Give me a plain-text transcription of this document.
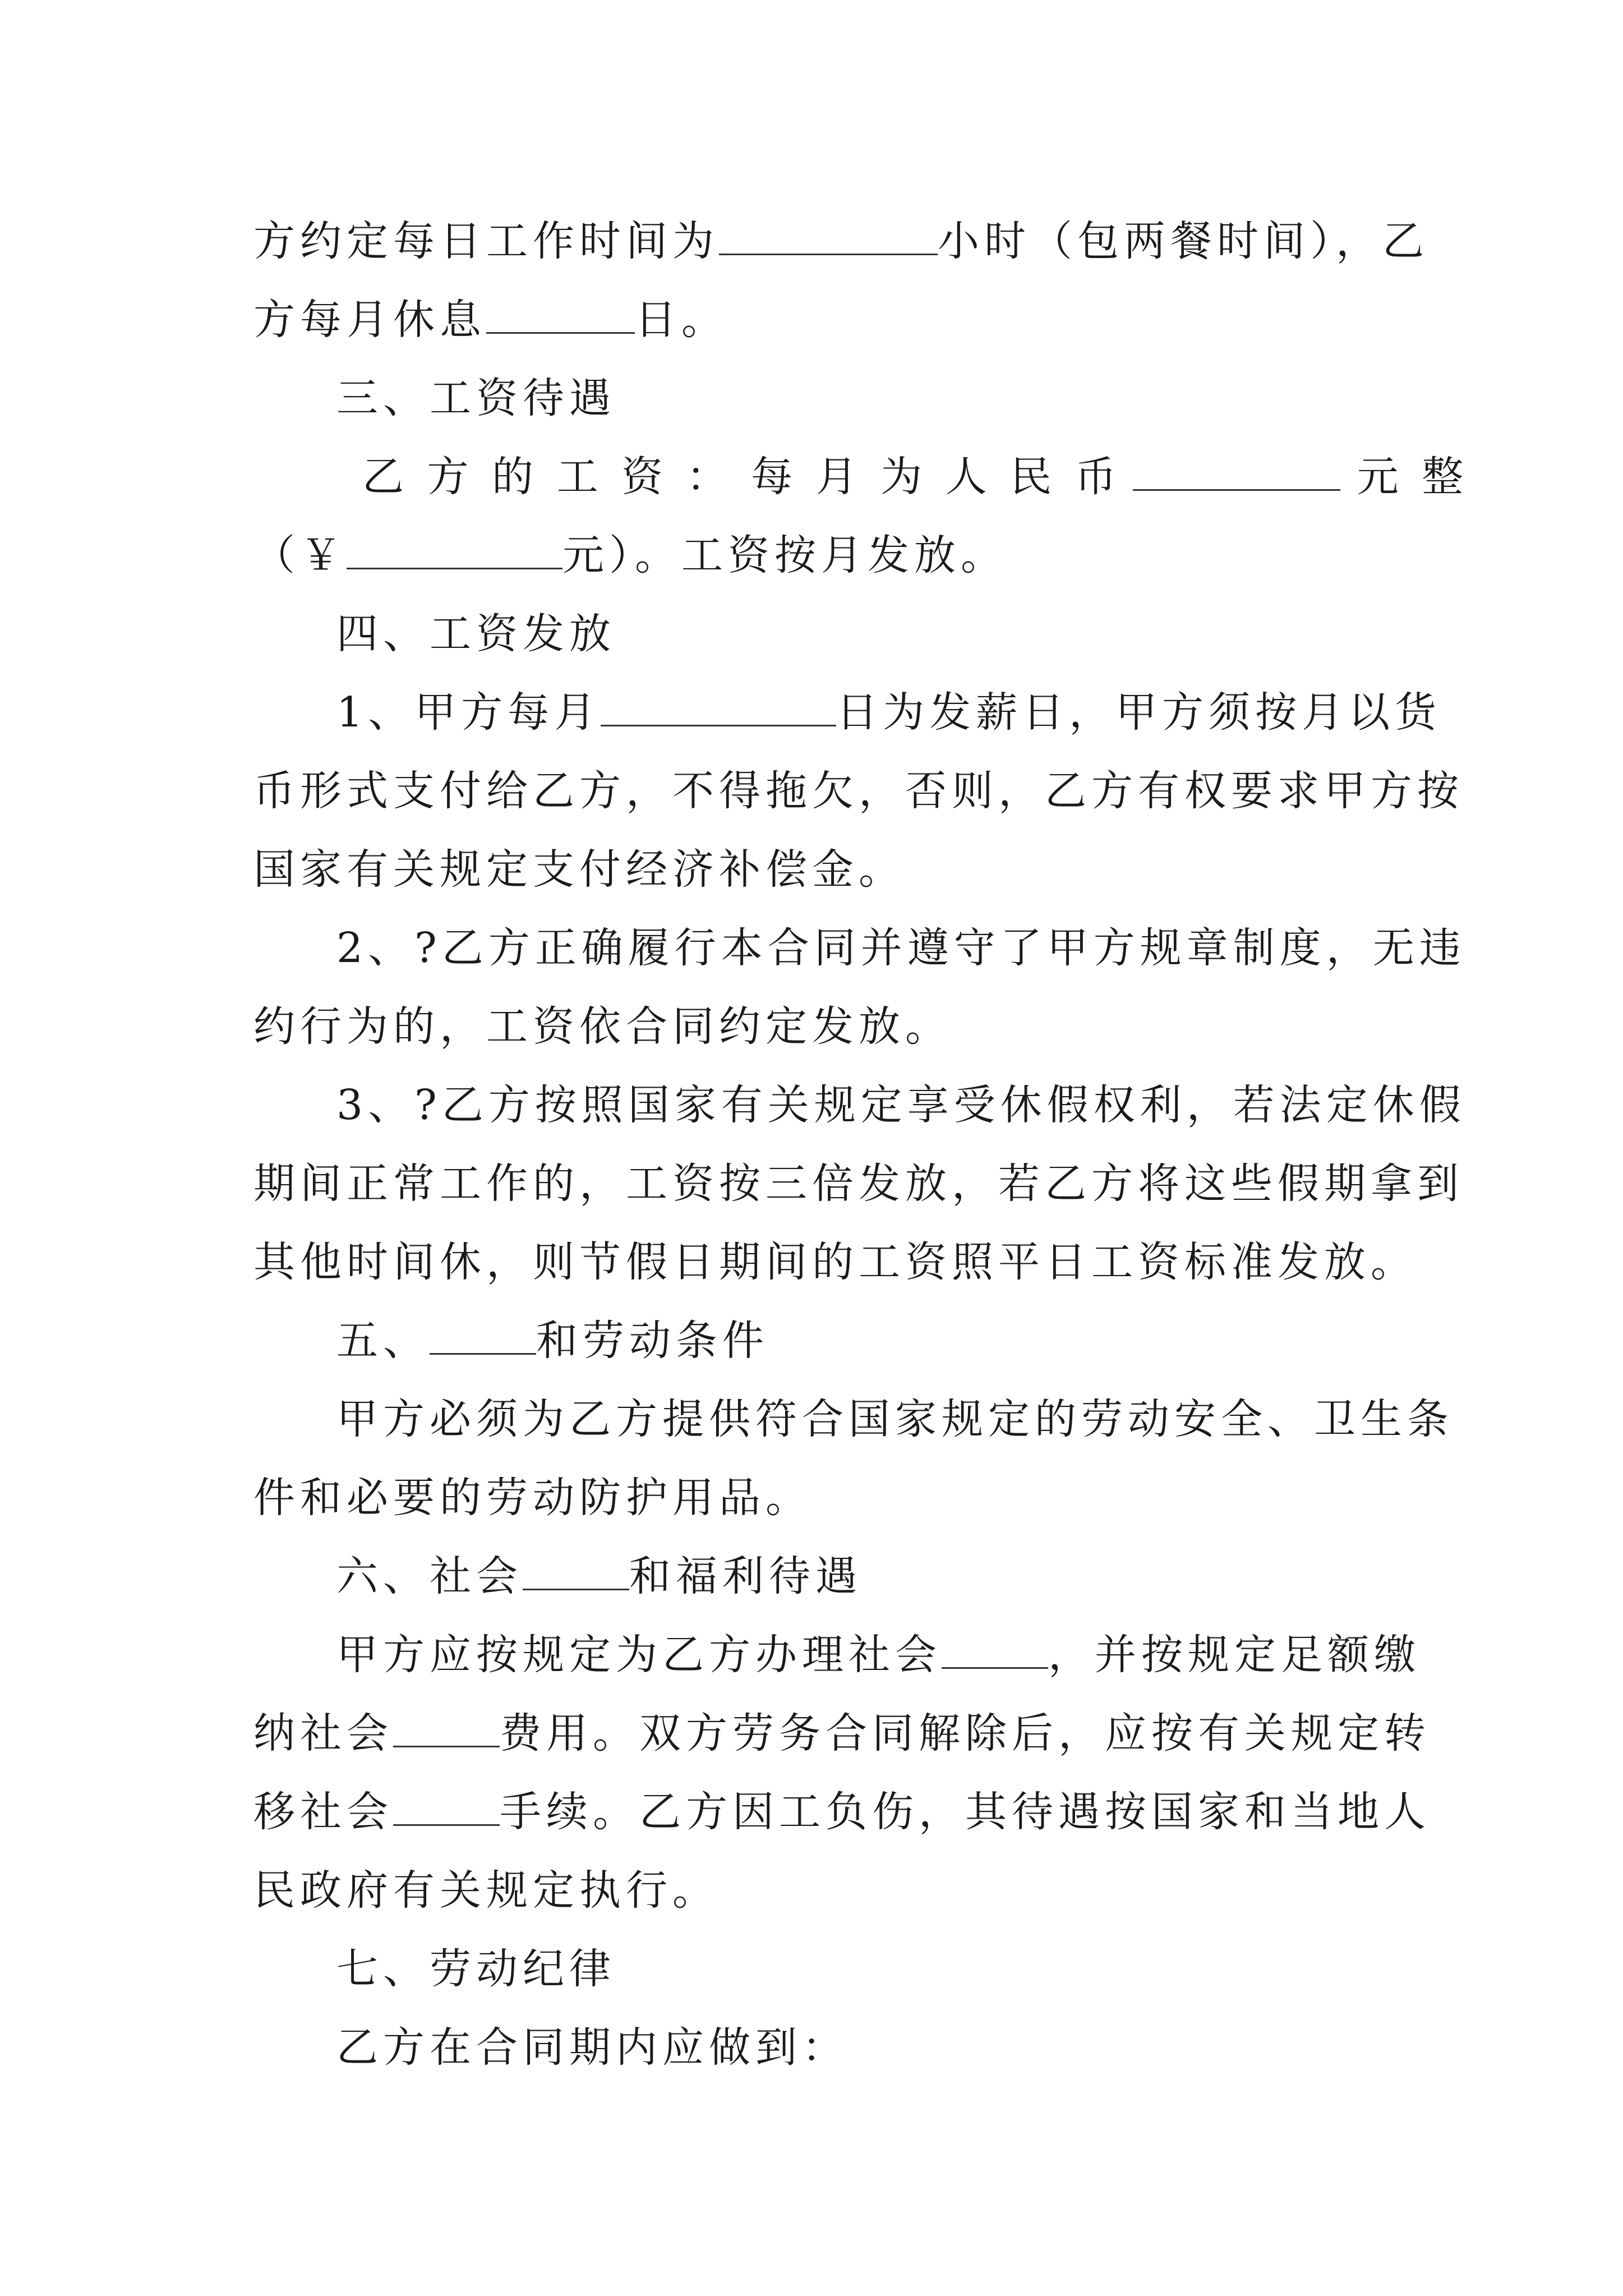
方约定每日工作时间为	小时（包两餐时间），乙
方每月休息	日。
三、工资待遇
乙 方 的 工 资 ： 每 月 为 人 民 币	元 整
（￥	元）。工资按月发放。
四、工资发放
1、甲方每月	日为发薪日，甲方须按月以货
币形式支付给乙方，不得拖欠，否则，乙方有权要求甲方按
国家有关规定支付经济补偿金。
2、?乙方正确履行本合同并遵守了甲方规章制度，无违
约行为的，工资依合同约定发放。
3、?乙方按照国家有关规定享受休假权利，若法定休假
期间正常工作的，工资按三倍发放，若乙方将这些假期拿到
其他时间休，则节假日期间的工资照平日工资标准发放。
五、	和劳动条件
甲方必须为乙方提供符合国家规定的劳动安全、卫生条
件和必要的劳动防护用品。
六、社会	和福利待遇
甲方应按规定为乙方办理社会	，并按规定足额缴
纳社会	费用。双方劳务合同解除后，应按有关规定转
移社会	手续。乙方因工负伤，其待遇按国家和当地人
民政府有关规定执行。
七、劳动纪律
乙方在合同期内应做到：
